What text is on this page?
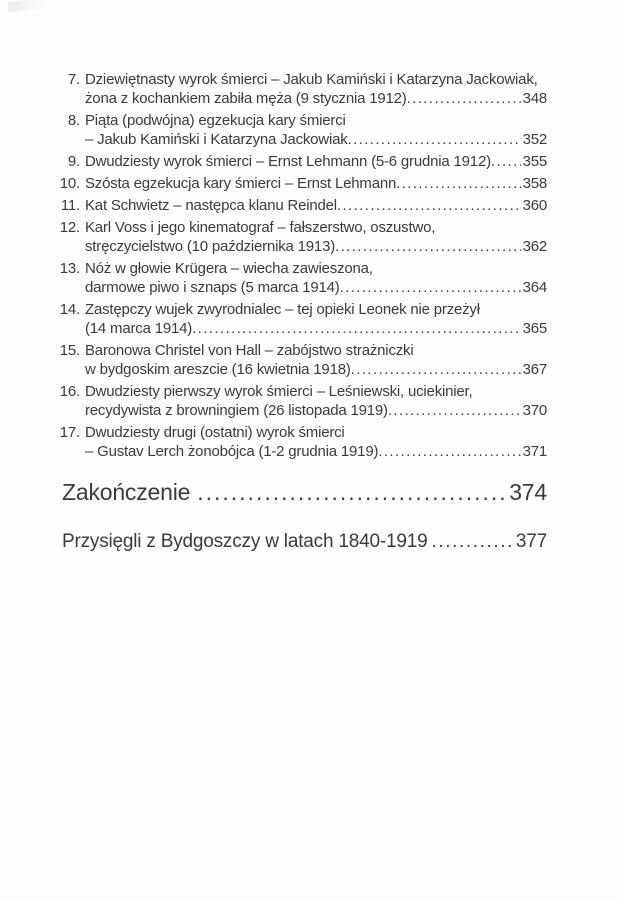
7. Dziewiętnasty wyrok śmierci – Jakub Kamiński i Katarzyna Jackowiak,
żona z kochankiem zabiła męża (9 stycznia 1912) .....	348
8. Piąta (podwójna) egzekucja kary śmierci
– Jakub Kamiński i Katarzyna Jackowiak .....	352
9. Dwudziesty wyrok śmierci – Ernst Lehmann (5-6 grudnia 1912) ..... 355
10. Szósta egzekucja kary śmierci – Ernst Lehmann .....	358
11. Kat Schwietz – następca klanu Reindel .....	360
12. Karl Voss i jego kinematograf – fałszerstwo, oszustwo,
stręczycielstwo (10 października 1913) .....	362
13. Nóż w głowie Krügera – wiecha zawieszona,
darmowe piwo i sznaps (5 marca 1914) .....	364
14. Zastępczy wujek zwyrodnialec – tej opieki Leonek nie przeżył
(14 marca 1914) .....	365
15. Baronowa Christel von Hall – zabójstwo strażniczki
w bydgoskim areszcie (16 kwietnia 1918) .....	367
16. Dwudziesty pierwszy wyrok śmierci – Leśniewski, uciekinier,
recydywista z browningiem (26 listopada 1919) .....	370
17. Dwudziesty drugi (ostatni) wyrok śmierci
– Gustav Lerch żonobójca (1-2 grudnia 1919) .....	371
Zakończenie .....	374
Przysięgli z Bydgoszczy w latach 1840-1919 .....	377
